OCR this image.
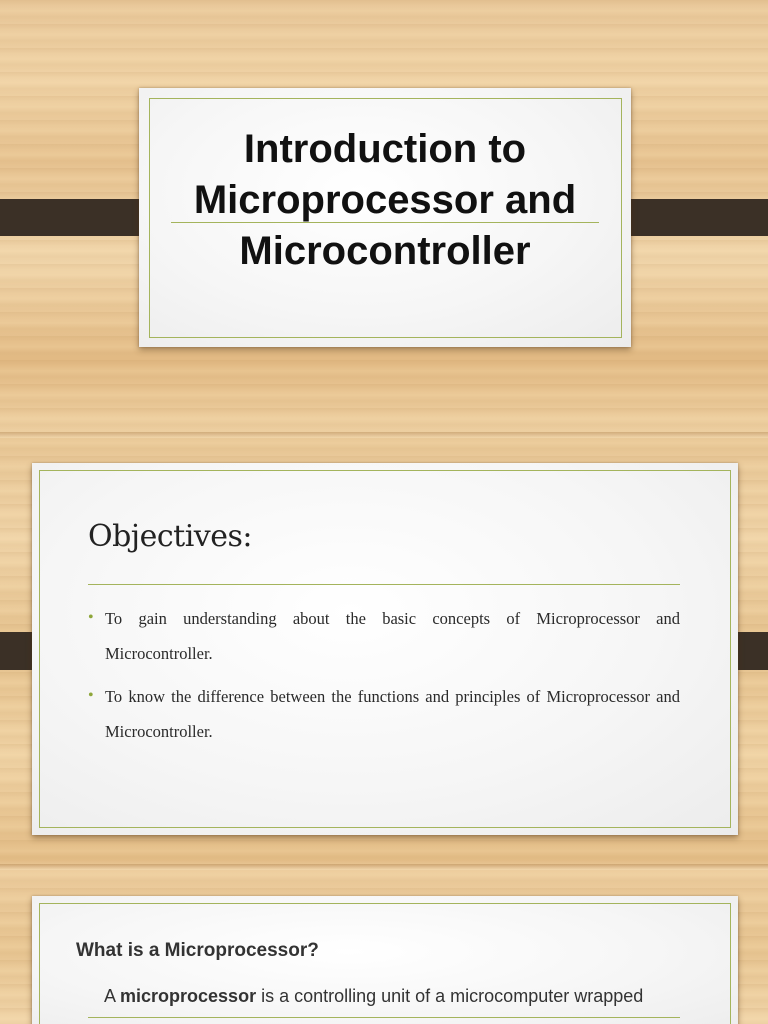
Introduction to
Microprocessor and
Microcontroller
Objectives:
• To gain understanding about the basic concepts of Microprocessor and Microcontroller.
• To know the difference between the functions and principles of Microprocessor and Microcontroller.
What is a Microprocessor?
A microprocessor is a controlling unit of a microcomputer wrapped
